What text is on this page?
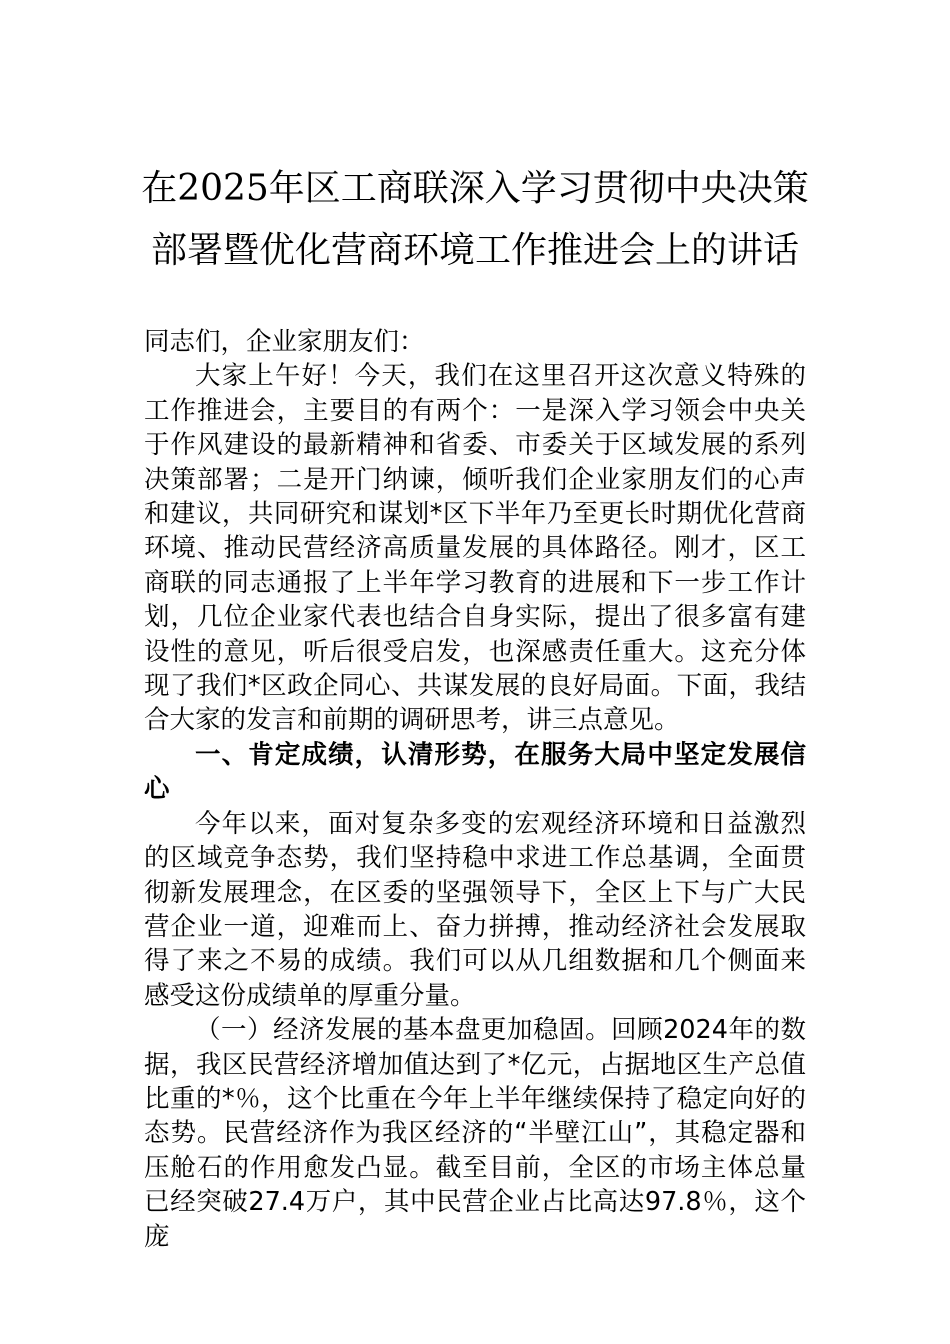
在2025年区工商联深入学习贯彻中央决策
部署暨优化营商环境工作推进会上的讲话

同志们，企业家朋友们：

大家上午好！今天，我们在这里召开这次意义特殊的工作推进会，主要目的有两个：一是深入学习领会中央关于作风建设的最新精神和省委、市委关于区域发展的系列决策部署；二是开门纳谏，倾听我们企业家朋友们的心声和建议，共同研究和谋划*区下半年乃至更长时期优化营商环境、推动民营经济高质量发展的具体路径。刚才，区工商联的同志通报了上半年学习教育的进展和下一步工作计划，几位企业家代表也结合自身实际，提出了很多富有建设性的意见，听后很受启发，也深感责任重大。这充分体现了我们*区政企同心、共谋发展的良好局面。下面，我结合大家的发言和前期的调研思考，讲三点意见。

一、肯定成绩，认清形势，在服务大局中坚定发展信心

今年以来，面对复杂多变的宏观经济环境和日益激烈的区域竞争态势，我们坚持稳中求进工作总基调，全面贯彻新发展理念，在区委的坚强领导下，全区上下与广大民营企业一道，迎难而上、奋力拼搏，推动经济社会发展取得了来之不易的成绩。我们可以从几组数据和几个侧面来感受这份成绩单的厚重分量。

（一）经济发展的基本盘更加稳固。回顾2024年的数据，我区民营经济增加值达到了*亿元，占据地区生产总值比重的*％，这个比重在今年上半年继续保持了稳定向好的态势。民营经济作为我区经济的“半壁江山”，其稳定器和压舱石的作用愈发凸显。截至目前，全区的市场主体总量已经突破27.4万户，其中民营企业占比高达97.8％，这个庞
